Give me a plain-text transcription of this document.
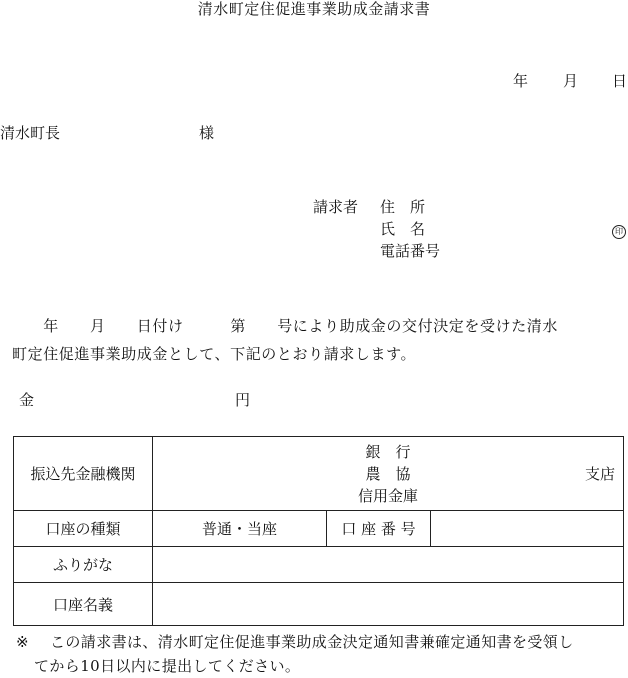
清水町定住促進事業助成金請求書
年 月 日
清水町長	様
請求者 住　所
氏　名	印
電話番号
　　年　　月　　日付け　　　第　　号により助成金の交付決定を受けた清水
町定住促進事業助成金として、下記のとおり請求します。
金	円
振込先金融機関	銀　行
農　協
信用金庫
支店		

口座の種類	普通・当座	口 座 番 号	
ふりがな			
口座名義			
※	この請求書は、清水町定住促進事業助成金決定通知書兼確定通知書を受領し
てから10日以内に提出してください。
